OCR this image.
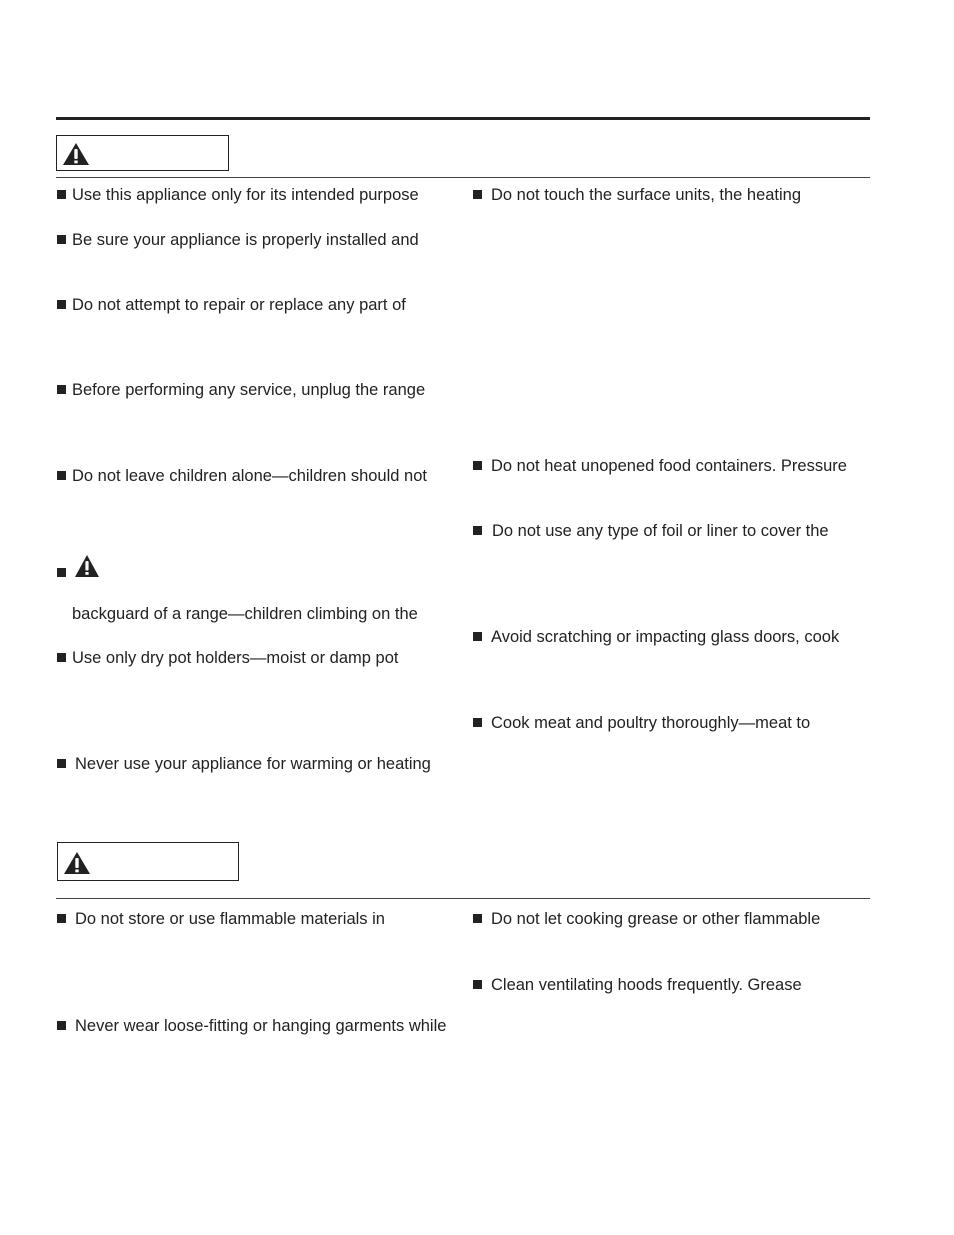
Use this appliance only for its intended purpose
Be sure your appliance is properly installed and
Do not attempt to repair or replace any part of
Before performing any service, unplug the range
Do not leave children alone—children should not
backguard of a range—children climbing on the
Use only dry pot holders—moist or damp pot
Never use your appliance for warming or heating
Do not touch the surface units, the heating
Do not heat unopened food containers. Pressure
Do not use any type of foil or liner to cover the
Avoid scratching or impacting glass doors, cook
Cook meat and poultry thoroughly—meat to
Do not store or use flammable materials in
Never wear loose-fitting or hanging garments while
Do not let cooking grease or other flammable
Clean ventilating hoods frequently. Grease
